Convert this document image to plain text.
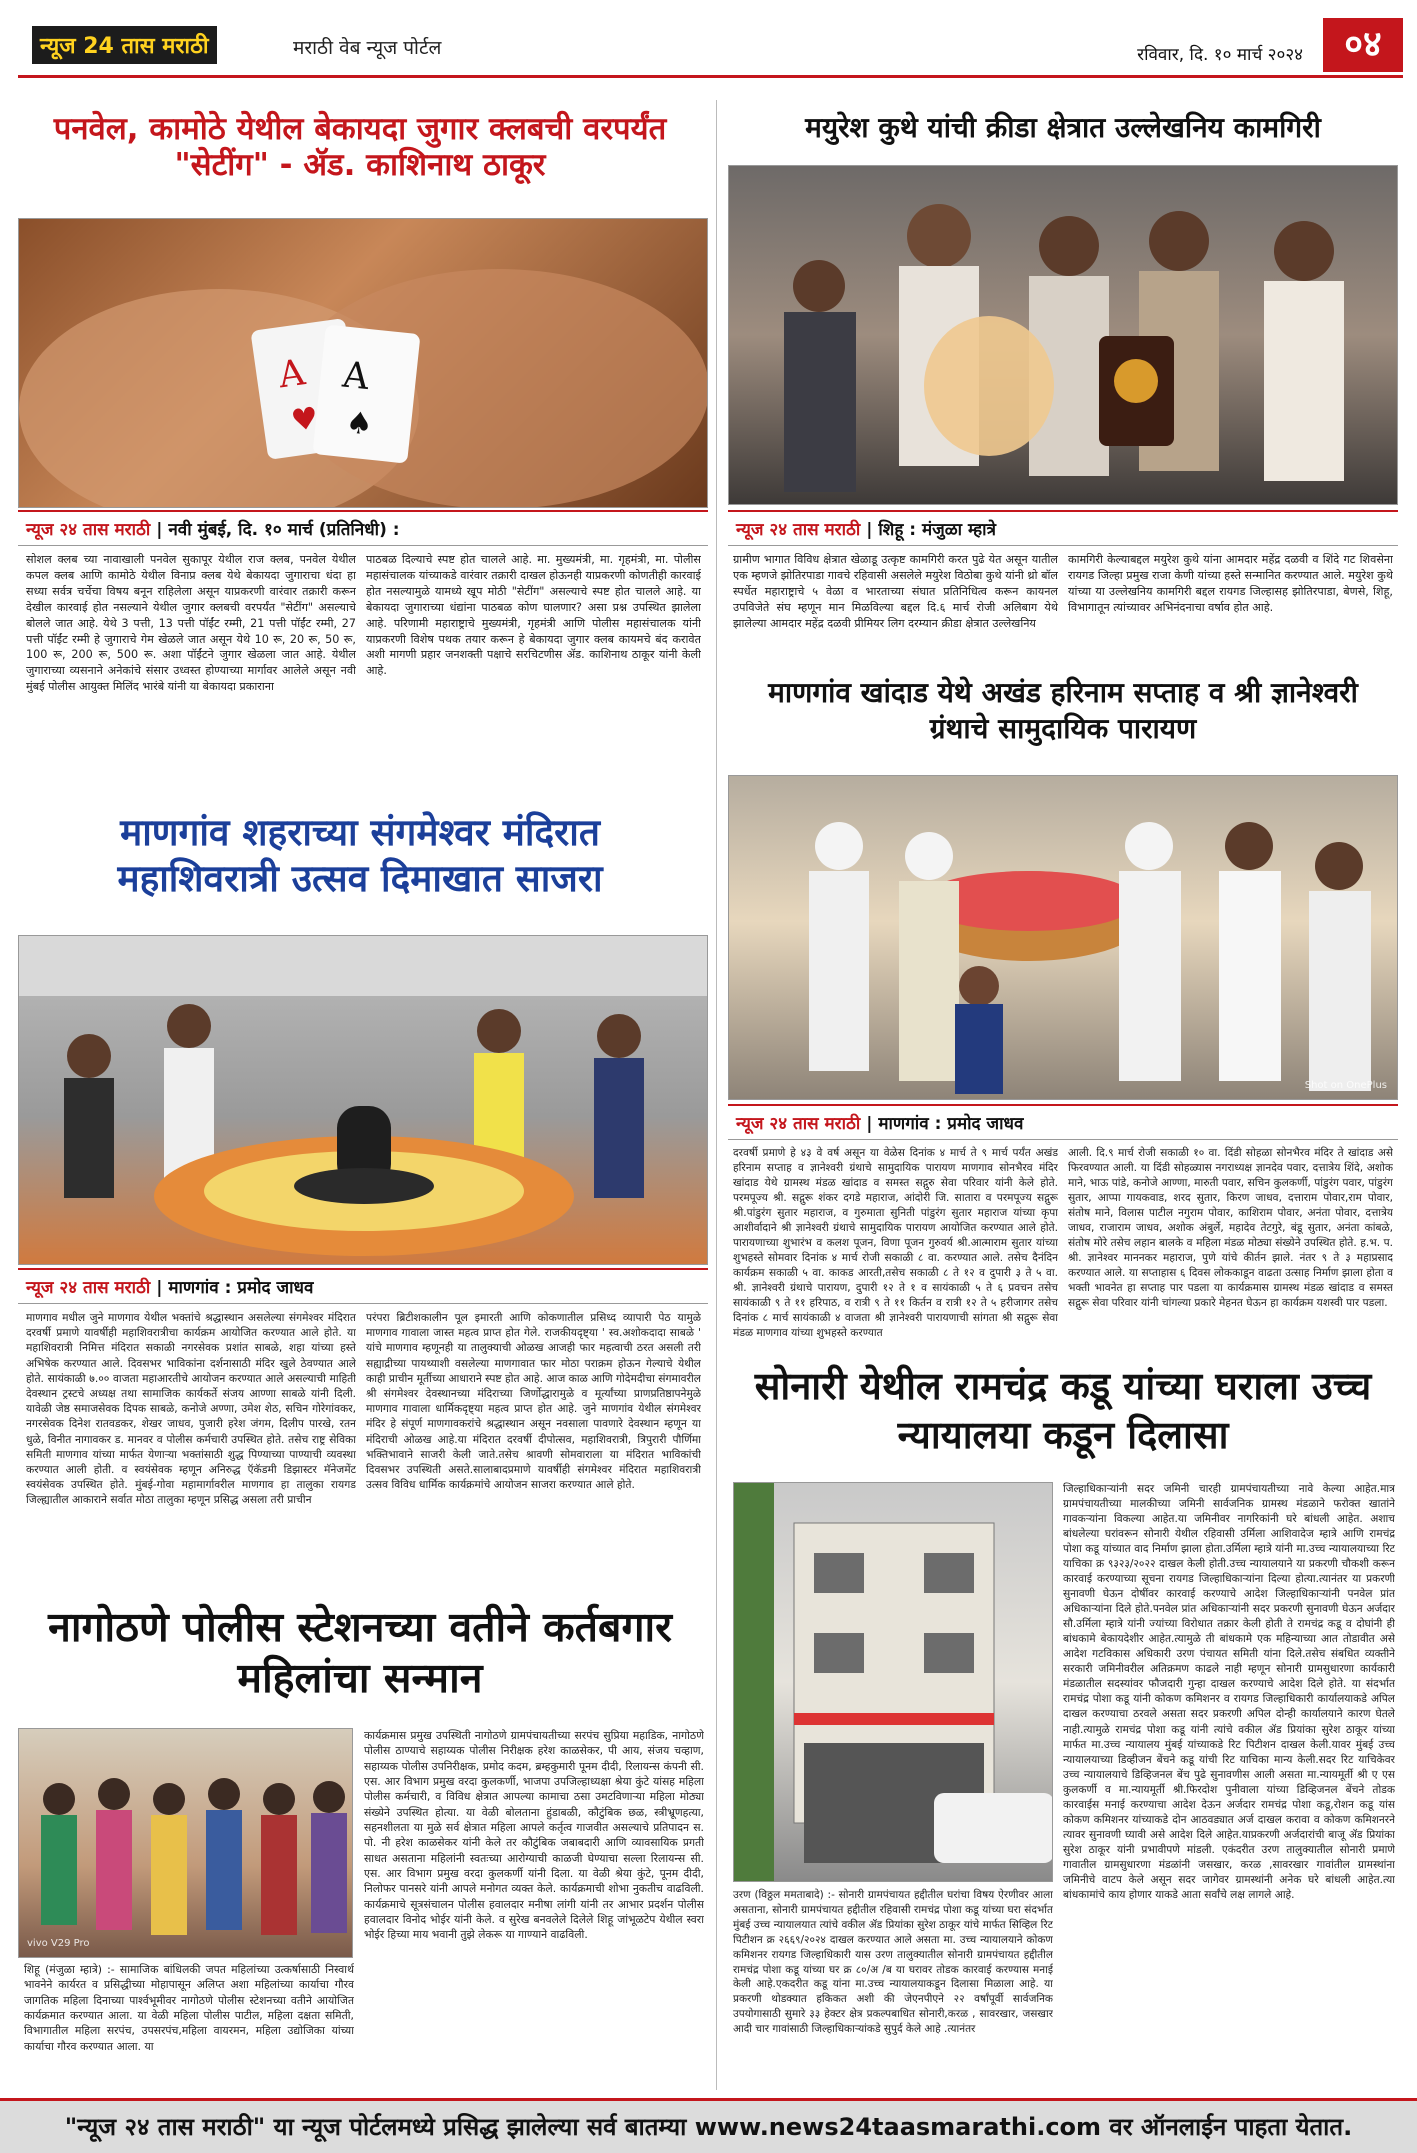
न्यूज 24 तास मराठी	मराठी वेब न्यूज पोर्टल	रविवार, दि. १० मार्च २०२४	०४
पनवेल, कामोठे येथील बेकायदा जुगार क्लबची वरपर्यंत "सेटींग" - ॲड. काशिनाथ ठाकूर
A A
♠
♥
न्यूज २४ तास मराठी | नवी मुंबई, दि. १० मार्च (प्रतिनिधी) :
सोशल क्लब च्या नावाखाली पनवेल सुकापूर येथील राज क्लब, पनवेल येथील कपल क्लब आणि कामोठे येथील विनाप्र क्लब येथे बेकायदा जुगाराचा धंदा हा सध्या सर्वत्र चर्चेचा विषय बनून राहिलेला असून याप्रकरणी वारंवार तक्रारी करून देखील कारवाई होत नसल्याने येथील जुगार क्लबची वरपर्यंत "सेटींग" असल्याचे बोलले जात आहे. येथे 3 पत्ती, 13 पत्ती पॉईंट रम्मी, 21 पत्ती पॉईंट रम्मी, 27 पत्ती पॉईंट रम्मी हे जुगाराचे गेम खेळले जात असून येथे 10 रू, 20 रू, 50 रू, 100 रू, 200 रू, 500 रू. अशा पॉईंटने जुगार खेळला जात आहे. येथील जुगाराच्या व्यसनाने अनेकांचे संसार उध्वस्त होण्याच्या मार्गावर आलेले असून नवी मुंबई पोलीस आयुक्त मिलिंद भारंबे यांनी या बेकायदा प्रकाराना
पाठबळ दिल्याचे स्पष्ट होत चालले आहे. मा. मुख्यमंत्री, मा. गृहमंत्री, मा. पोलीस महासंचालक यांच्याकडे वारंवार तक्रारी दाखल होऊनही याप्रकरणी कोणतीही कारवाई होत नसल्यामुळे यामध्ये खूप मोठी "सेटींग" असल्याचे स्पष्ट होत चालले आहे. या बेकायदा जुगाराच्या धंद्यांना पाठबळ कोण घालणार? असा प्रश्न उपस्थित झालेला आहे. परिणामी महाराष्ट्राचे मुख्यमंत्री, गृहमंत्री आणि पोलीस महासंचालक यांनी याप्रकरणी विशेष पथक तयार करून हे बेकायदा जुगार क्लब कायमचे बंद करावेत अशी मागणी प्रहार जनशक्ती पक्षाचे सरचिटणीस ॲड. काशिनाथ ठाकूर यांनी केली आहे.
मयुरेश कुथे यांची क्रीडा क्षेत्रात उल्लेखनिय कामगिरी
न्यूज २४ तास मराठी | शिहू : मंजुळा म्हात्रे
ग्रामीण भागात विविध क्षेत्रात खेळाडू उत्कृष्ट कामगिरी करत पुढे येत असून यातील एक म्हणजे झोतिरपाडा गावचे रहिवासी असलेले मयुरेश विठोबा कुथे यांनी थ्रो बॉल स्पर्धेत महाराष्ट्राचे ५ वेळा व भारताच्या संघात प्रतिनिधित्व करून कायनल उपविजेते संघ म्हणून मान मिळविल्या बद्दल दि.६ मार्च रोजी अलिबाग येथे झालेल्या आमदार महेंद्र दळवी प्रीमियर लिग दरम्यान क्रीडा क्षेत्रात उल्लेखनिय
कामगिरी केल्याबद्दल मयुरेश कुथे यांना आमदार महेंद्र दळवी व शिंदे गट शिवसेना रायगड जिल्हा प्रमुख राजा केणी यांच्या हस्ते सन्मानित करण्यात आले. मयुरेश कुथे यांच्या या उल्लेखनिय कामगिरी बद्दल रायगड जिल्हासह झोतिरपाडा, बेणसे, शिहू, विभागातून त्यांच्यावर अभिनंदनाचा वर्षाव होत आहे.
माणगांव खांदाड येथे अखंड हरिनाम सप्ताह व श्री ज्ञानेश्वरी ग्रंथाचे सामुदायिक पारायण
Shot on OnePlus
न्यूज २४ तास मराठी | माणगांव : प्रमोद जाधव
दरवर्षी प्रमाणे हे ४३ वे वर्ष असून या वेळेस दिनांक ४ मार्च ते ९ मार्च पर्यंत अखंड हरिनाम सप्ताह व ज्ञानेश्वरी ग्रंथाचे सामुदायिक पारायण माणगाव सोनभैरव मंदिर खांदाड येथे ग्रामस्थ मंडळ खांदाड व समस्त सद्गुरु सेवा परिवार यांनी केले होते. परमपूज्य श्री. सद्गुरू शंकर दगडे महाराज, आंदोरी जि. सातारा व परमपूज्य सद्गुरू श्री.पांडुरंग सुतार महाराज, व गुरुमाता सुनिती पांडुरंग सुतार महाराज यांच्या कृपा आशीर्वादाने श्री ज्ञानेश्वरी ग्रंथाचे सामुदायिक पारायण आयोजित करण्यात आले होते. पारायणाच्या शुभारंभ व कलश पूजन, विणा पूजन गुरुवर्य श्री.आत्माराम सुतार यांच्या शुभहस्ते सोमवार दिनांक ४ मार्च रोजी सकाळी ८ वा. करण्यात आले. तसेच दैनंदिन कार्यक्रम सकाळी ५ वा. काकड आरती,तसेच सकाळी ८ ते १२ व दुपारी ३ ते ५ वा. श्री. ज्ञानेश्वरी ग्रंथाचे पारायण, दुपारी १२ ते १ व सायंकाळी ५ ते ६ प्रवचन तसेच सायंकाळी ९ ते ११ हरिपाठ, व रात्री ९ ते ११ किर्तन व रात्री १२ ते ५ हरीजागर तसेच दिनांक ८ मार्च सायंकाळी ४ वाजता श्री ज्ञानेश्वरी पारायणाची सांगता श्री सद्गुरू सेवा मंडळ माणगाव यांच्या शुभहस्ते करण्यात
आली. दि.९ मार्च रोजी सकाळी १० वा. दिंडी सोहळा सोनभैरव मंदिर ते खांदाड असे फिरवण्यात आली. या दिंडी सोहळ्यास नगराध्यक्ष ज्ञानदेव पवार, दत्तात्रेय शिंदे, अशोक माने, भाऊ पांडे, कनोजे आण्णा, मारुती पवार, सचिन कुलकर्णी, पांडुरंग पवार, पांडुरंग सुतार, आप्पा गायकवाड, शरद सुतार, किरण जाधव, दत्ताराम पोवार,राम पोवार, संतोष माने, विलास पाटील नगुराम पोवार, काशिराम पोवार, अनंता पोवार, दत्तात्रेय जाधव, राजाराम जाधव, अशोक अंबुर्ले, महादेव तेटगुरे, बंडू सुतार, अनंता कांबळे, संतोष मोरे तसेच लहान बालके व महिला मंडळ मोठ्या संख्येने उपस्थित होते. ह.भ. प. श्री. ज्ञानेश्वर माननकर महाराज, पुणे यांचे कीर्तन झाले. नंतर ९ ते ३ महाप्रसाद करण्यात आले. या सप्ताहास ६ दिवस लोककाडून वाढता उत्साह निर्माण झाला होता व भक्ती भावनेत हा सप्ताह पार पडला या कार्यक्रमास ग्रामस्थ मंडळ खांदाड व समस्त सद्गुरू सेवा परिवार यांनी चांगल्या प्रकारे मेहनत घेऊन हा कार्यक्रम यशस्वी पार पडला.
माणगांव शहराच्या संगमेश्वर मंदिरात महाशिवरात्री उत्सव दिमाखात साजरा
न्यूज २४ तास मराठी | माणगांव : प्रमोद जाधव
माणगाव मधील जुने माणगाव येथील भक्तांचे श्रद्धास्थान असलेल्या संगमेश्वर मंदिरात दरवर्षी प्रमाणे यावर्षीही महाशिवरात्रीचा कार्यक्रम आयोजित करण्यात आले होते. या महाशिवरात्री निमित्त मंदिरात सकाळी नगरसेवक प्रशांत साबळे, शहा यांच्या हस्ते अभिषेक करण्यात आले. दिवसभर भाविकांना दर्शनासाठी मंदिर खुले ठेवण्यात आले होते. सायंकाळी ७.०० वाजता महाआरतीचे आयोजन करण्यात आले असल्याची माहिती देवस्थान ट्रस्टचे अध्यक्ष तथा सामाजिक कार्यकर्ते संजय आण्णा साबळे यांनी दिली. यावेळी जेष्ठ समाजसेवक दिपक साबळे, कनोजे अण्णा, उमेश शेठ, सचिन गोरेगांवकर, नगरसेवक दिनेश रातवडकर, शेखर जाधव, पुजारी हरेश जंगम, दिलीप पारखे, रतन धुळे, विनीत नागावकर ड. मानवर व पोलीस कर्मचारी उपस्थित होते. तसेच राष्ट्र सेविका समिती माणगाव यांच्या मार्फत येणाऱ्या भक्तांसाठी शुद्ध पिण्याच्या पाण्याची व्यवस्था करण्यात आली होती. व स्वयंसेवक म्हणून अनिरुद्ध ऍकॅडमी डिझास्टर मॅनेजमेंट स्वयंसेवक उपस्थित होते. मुंबई-गोवा महामार्गावरील माणगाव हा तालुका रायगड जिल्ह्यातील आकाराने सर्वात मोठा तालुका म्हणून प्रसिद्ध असला तरी प्राचीन
परंपरा ब्रिटीशकालीन पूल इमारती आणि कोकणातील प्रसिध्द व्यापारी पेठ यामुळे माणगाव गावाला जास्त महत्व प्राप्त होत गेले. राजकीयदृष्ट्या ' स्व.अशोकदादा साबळे ' यांचे माणगाव म्हणूनही या तालुक्याची ओळख आजही फार महत्वाची ठरत असली तरी सह्याद्रीच्या पायथ्याशी वसलेल्या माणगावात फार मोठा पराक्रम होऊन गेल्याचे येथील काही प्राचीन मूर्तीच्या आधाराने स्पष्ट होत आहे. आज काळ आणि गोदेमदीचा संगमावरील श्री संगमेश्वर देवस्थानच्या मंदिराच्या जिर्णोद्धारामुळे व मूर्त्यांच्या प्राणप्रतिष्ठापनेमुळे माणगाव गावाला धार्मिकदृष्ट्या महत्व प्राप्त होत आहे. जुने माणगांव येथील संगमेश्वर मंदिर हे संपूर्ण माणगावकरांचे श्रद्धास्थान असून नवसाला पावणारे देवस्थान म्हणून या मंदिराची ओळख आहे.या मंदिरात दरवर्षी दीपोत्सव, महाशिवरात्री, त्रिपुरारी पौर्णिमा भक्तिभावाने साजरी केली जाते.तसेच श्रावणी सोमवाराला या मंदिरात भाविकांची दिवसभर उपस्थिती असते.सालाबादप्रमाणे यावर्षीही संगमेश्वर मंदिरात महाशिवरात्री उत्सव विविध धार्मिक कार्यक्रमांचे आयोजन साजरा करण्यात आले होते.
सोनारी येथील रामचंद्र कडू यांच्या घराला उच्च न्यायालया कडून दिलासा
उरण (विठ्ठल ममताबादे) :- सोनारी ग्रामपंचायत हद्दीतील घरांचा विषय ऐरणीवर आला असताना, सोनारी ग्रामपंचायत हद्दीतील रहिवासी रामचंद्र पोशा कडू यांच्या घरा संदर्भात मुंबई उच्च न्यायालयात त्यांचे वकील ॲड प्रियांका सुरेश ठाकूर यांचे मार्फत सिव्हिल रिट पिटीशन क्र २६६९/२०२४ दाखल करण्यात आले असता मा. उच्च न्यायालयाने कोकण कमिशनर रायगड जिल्हाधिकारी यास उरण तालुक्यातील सोनारी ग्रामपंचायत हद्दीतील रामचंद्र पोशा कडू यांच्या घर क्र ८०/अ /ब या घरावर तोडक कारवाई करण्यास मनाई केली आहे.एकदरीत कडू यांना मा.उच्च न्यायालयाकडून दिलासा मिळाला आहे. या प्रकरणी थोडक्यात हकिकत अशी की जेएनपीएने २२ वर्षांपूर्वी सार्वजनिक उपयोगासाठी सुमारे ३३ हेक्टर क्षेत्र प्रकल्पबाधित सोनारी,करळ , सावरखार, जसखार आदी चार गावांसाठी जिल्हाधिकाऱ्यांकडे सुपुर्द केले आहे .त्यानंतर
जिल्हाधिकाऱ्यांनी सदर जमिनी चारही ग्रामपंचायतीच्या नावे केल्या आहेत.मात्र ग्रामपंचायतीच्या मालकीच्या जमिनी सार्वजनिक ग्रामस्थ मंडळाने फरोक्त खातांने गावकऱ्यांना विकल्या आहेत.या जमिनीवर नागरिकांनी घरे बांधली आहेत. अशाच बांधलेल्या घरांवरून सोनारी येथील रहिवासी उर्मिला आशिवादेज म्हात्रे आणि रामचंद्र पोशा कडू यांच्यात वाद निर्माण झाला होता.उर्मिला म्हात्रे यांनी मा.उच्च न्यायालयाच्या रिट याचिका क्र ९३२३/२०२२ दाखल केली होती.उच्च न्यायालयाने या प्रकरणी चौकशी करून कारवाई करण्याच्या सूचना रायगड जिल्हाधिकाऱ्यांना दिल्या होत्या.त्यानंतर या प्रकरणी सुनावणी घेऊन दोषींवर कारवाई करण्याचे आदेश जिल्हाधिकाऱ्यांनी पनवेल प्रांत अधिकाऱ्यांना दिले होते.पनवेल प्रांत अधिकाऱ्यांनी सदर प्रकरणी सुनावणी घेऊन अर्जदार सौ.उर्मिला म्हात्रे यांनी ज्यांच्या विरोधात तक्रार केली होती ते रामचंद्र कडू व दोघांनी ही बांधकामे बेकायदेशीर आहेत.त्यामुळे ती बांधकामे एक महिन्याच्या आत तोडावीत असे आदेश गटविकास अधिकारी उरण पंचायत समिती यांना दिले.तसेच संबधित व्यक्तीने सरकारी जमिनीवरील अतिक्रमण काढले नाही म्हणून सोनारी ग्रामसुधारणा कार्यकारी मंडळातील सदस्यांवर फौजदारी गुन्हा दाखल करण्याचे आदेश दिले होते. या संदर्भात रामचंद्र पोशा कडू यांनी कोकण कमिशनर व रायगड जिल्हाधिकारी कार्यालयाकडे अपिल दाखल करण्याचा ठरवले असता सदर प्रकरणी अपिल दोन्ही कार्यालयाने कारण घेतले नाही.त्यामुळे रामचंद्र पोशा कडू यांनी त्यांचे वकील ॲड प्रियांका सुरेश ठाकूर यांच्या मार्फत मा.उच्च न्यायालय मुंबई यांच्याकडे रिट पिटीशन दाखल केली.यावर मुंबई उच्च न्यायालयाच्या डिव्हीजन बेंचने कडू यांची रिट याचिका मान्य केली.सदर रिट याचिकेवर उच्च न्यायालयाचे डिव्हिजनल बेंच पुढे सुनावणीस आली असता मा.न्यायमूर्ती श्री ए एस कुलकर्णी व मा.न्यायमूर्ती श्री.फिरदोश पुनीवाला यांच्या डिव्हिजनल बेंचने तोडक कारवाईस मनाई करण्याचा आदेश देऊन अर्जदार रामचंद्र पोशा कडू,रोशन कडू यांस कोकण कमिशनर यांच्याकडे दोन आठवड्यात अर्ज दाखल करावा व कोकण कमिशनरने त्यावर सुनावणी घ्यावी असे आदेश दिले आहेत.याप्रकरणी अर्जदारांची बाजू ॲड प्रियांका सुरेश ठाकूर यांनी प्रभावीपणे मांडली. एकंदरीत उरण तालुक्यातील सोनारी प्रमाणे गावातील ग्रामसुधारणा मंडळांनी जसखार, करळ ,सावरखार गावांतील ग्रामस्थांना जमिनीचे वाटप केले असून सदर जागेवर ग्रामस्थांनी अनेक घरे बांधली आहेत.त्या बांधकामांचे काय होणार याकडे आता सर्वांचे लक्ष लागले आहे.
नागोठणे पोलीस स्टेशनच्या वतीने कर्तबगार महिलांचा सन्मान
vivo V29 Pro
शिहू (मंजुळा म्हात्रे) :- सामाजिक बांधिलकी जपत महिलांच्या उत्कर्षासाठी निस्वार्थ भावनेने कार्यरत व प्रसिद्धीच्या मोहापासून अलिप्त अशा महिलांच्या कार्याचा गौरव जागतिक महिला दिनाच्या पार्श्वभूमीवर नागोठणे पोलीस स्टेशनच्या वतीने आयोजित कार्यक्रमात करण्यात आला. या वेळी महिला पोलीस पाटील, महिला दक्षता समिती, विभागातील महिला सरपंच, उपसरपंच,महिला वायरमन, महिला उद्योजिका यांच्या कार्याचा गौरव करण्यात आला. या
कार्यक्रमास प्रमुख उपस्थिती नागोठणे ग्रामपंचायतीच्या सरपंच सुप्रिया महाडिक, नागोठणे पोलीस ठाण्याचे सहाय्यक पोलीस निरीक्षक हरेश काळसेकर, पी आय, संजय चव्हाण, सहाय्यक पोलीस उपनिरीक्षक, प्रमोद कदम, ब्रम्हकुमारी पूनम दीदी, रिलायन्स कंपनी सी. एस. आर विभाग प्रमुख वरदा कुलकर्णी, भाजपा उपजिल्हाध्यक्षा श्रेया कुंटे यांसह महिला पोलीस कर्मचारी, व विविध क्षेत्रात आपल्या कामाचा ठसा उमटविणाऱ्या महिला मोठ्या संख्येने उपस्थित होत्या. या वेळी बोलताना हुंडाबळी, कौटुंबिक छळ, स्त्रीभ्रूणहत्या, सहनशीलता या मुळे सर्व क्षेत्रात महिला आपले कर्तृत्व गाजवीत असल्याचे प्रतिपादन स. पो. नी हरेश काळसेकर यांनी केले तर कौटुंबिक जबाबदारी आणि व्यावसायिक प्रगती साधत असताना महिलांनी स्वतःच्या आरोग्याची काळजी घेण्याचा सल्ला रिलायन्स सी. एस. आर विभाग प्रमुख वरदा कुलकर्णी यांनी दिला. या वेळी श्रेया कुंटे, पूनम दीदी, निलोफर पानसरे यांनी आपले मनोगत व्यक्त केले. कार्यक्रमाची शोभा नुकतीच वाढविली. कार्यक्रमाचे सूत्रसंचालन पोलीस हवालदार मनीषा लांगी यांनी तर आभार प्रदर्शन पोलीस हवालदार विनोद भोईर यांनी केले. व सुरेख बनवलेले दिलेले शिहू जांभूळटेप येथील स्वरा भोईर हिच्या माय भवानी तुझे लेकरू या गाण्याने वाढविली.
"न्यूज २४ तास मराठी" या न्यूज पोर्टलमध्ये प्रसिद्ध झालेल्या सर्व बातम्या www.news24taasmarathi.com वर ऑनलाईन पाहता येतात.
